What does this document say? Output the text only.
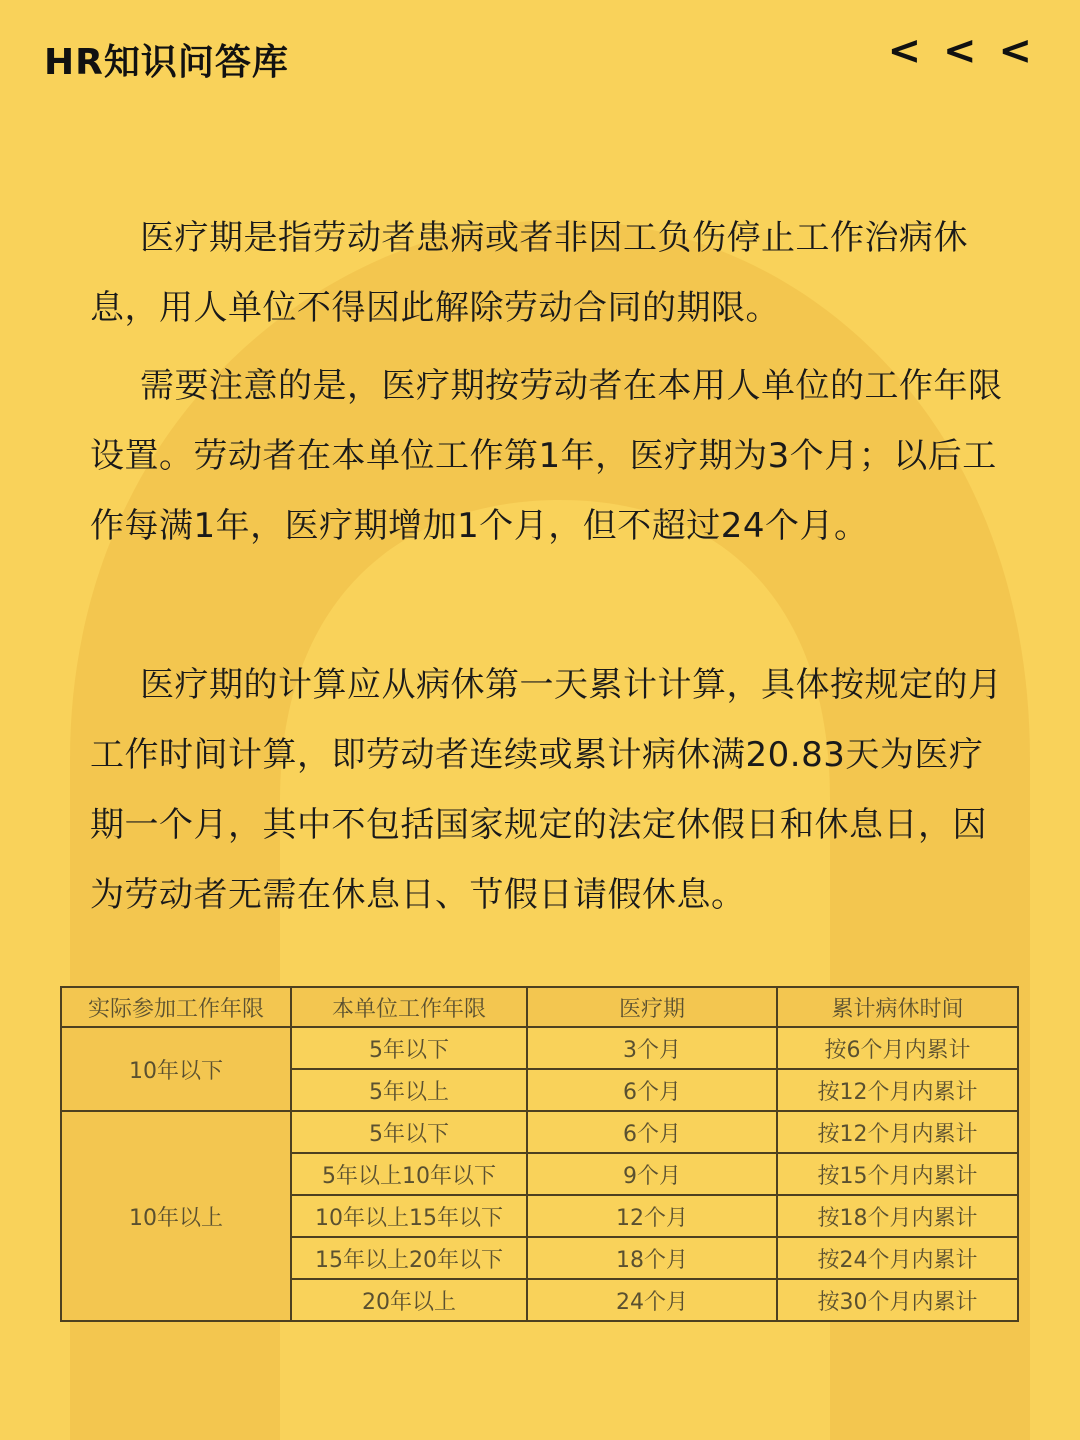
HR知识问答库	< < <

医疗期是指劳动者患病或者非因工负伤停止工作治病休息，用人单位不得因此解除劳动合同的期限。

需要注意的是，医疗期按劳动者在本用人单位的工作年限设置。劳动者在本单位工作第1年，医疗期为3个月；以后工作每满1年，医疗期增加1个月，但不超过24个月。

医疗期的计算应从病休第一天累计计算，具体按规定的月工作时间计算，即劳动者连续或累计病休满20.83天为医疗期一个月，其中不包括国家规定的法定休假日和休息日，因为劳动者无需在休息日、节假日请假休息。

实际参加工作年限	本单位工作年限	医疗期	累计病休时间
10年以下	5年以下	3个月	按6个月内累计
	5年以上	6个月	按12个月内累计
10年以上	5年以下	6个月	按12个月内累计
	5年以上10年以下	9个月	按15个月内累计
	10年以上15年以下	12个月	按18个月内累计
	15年以上20年以下	18个月	按24个月内累计
	20年以上	24个月	按30个月内累计
